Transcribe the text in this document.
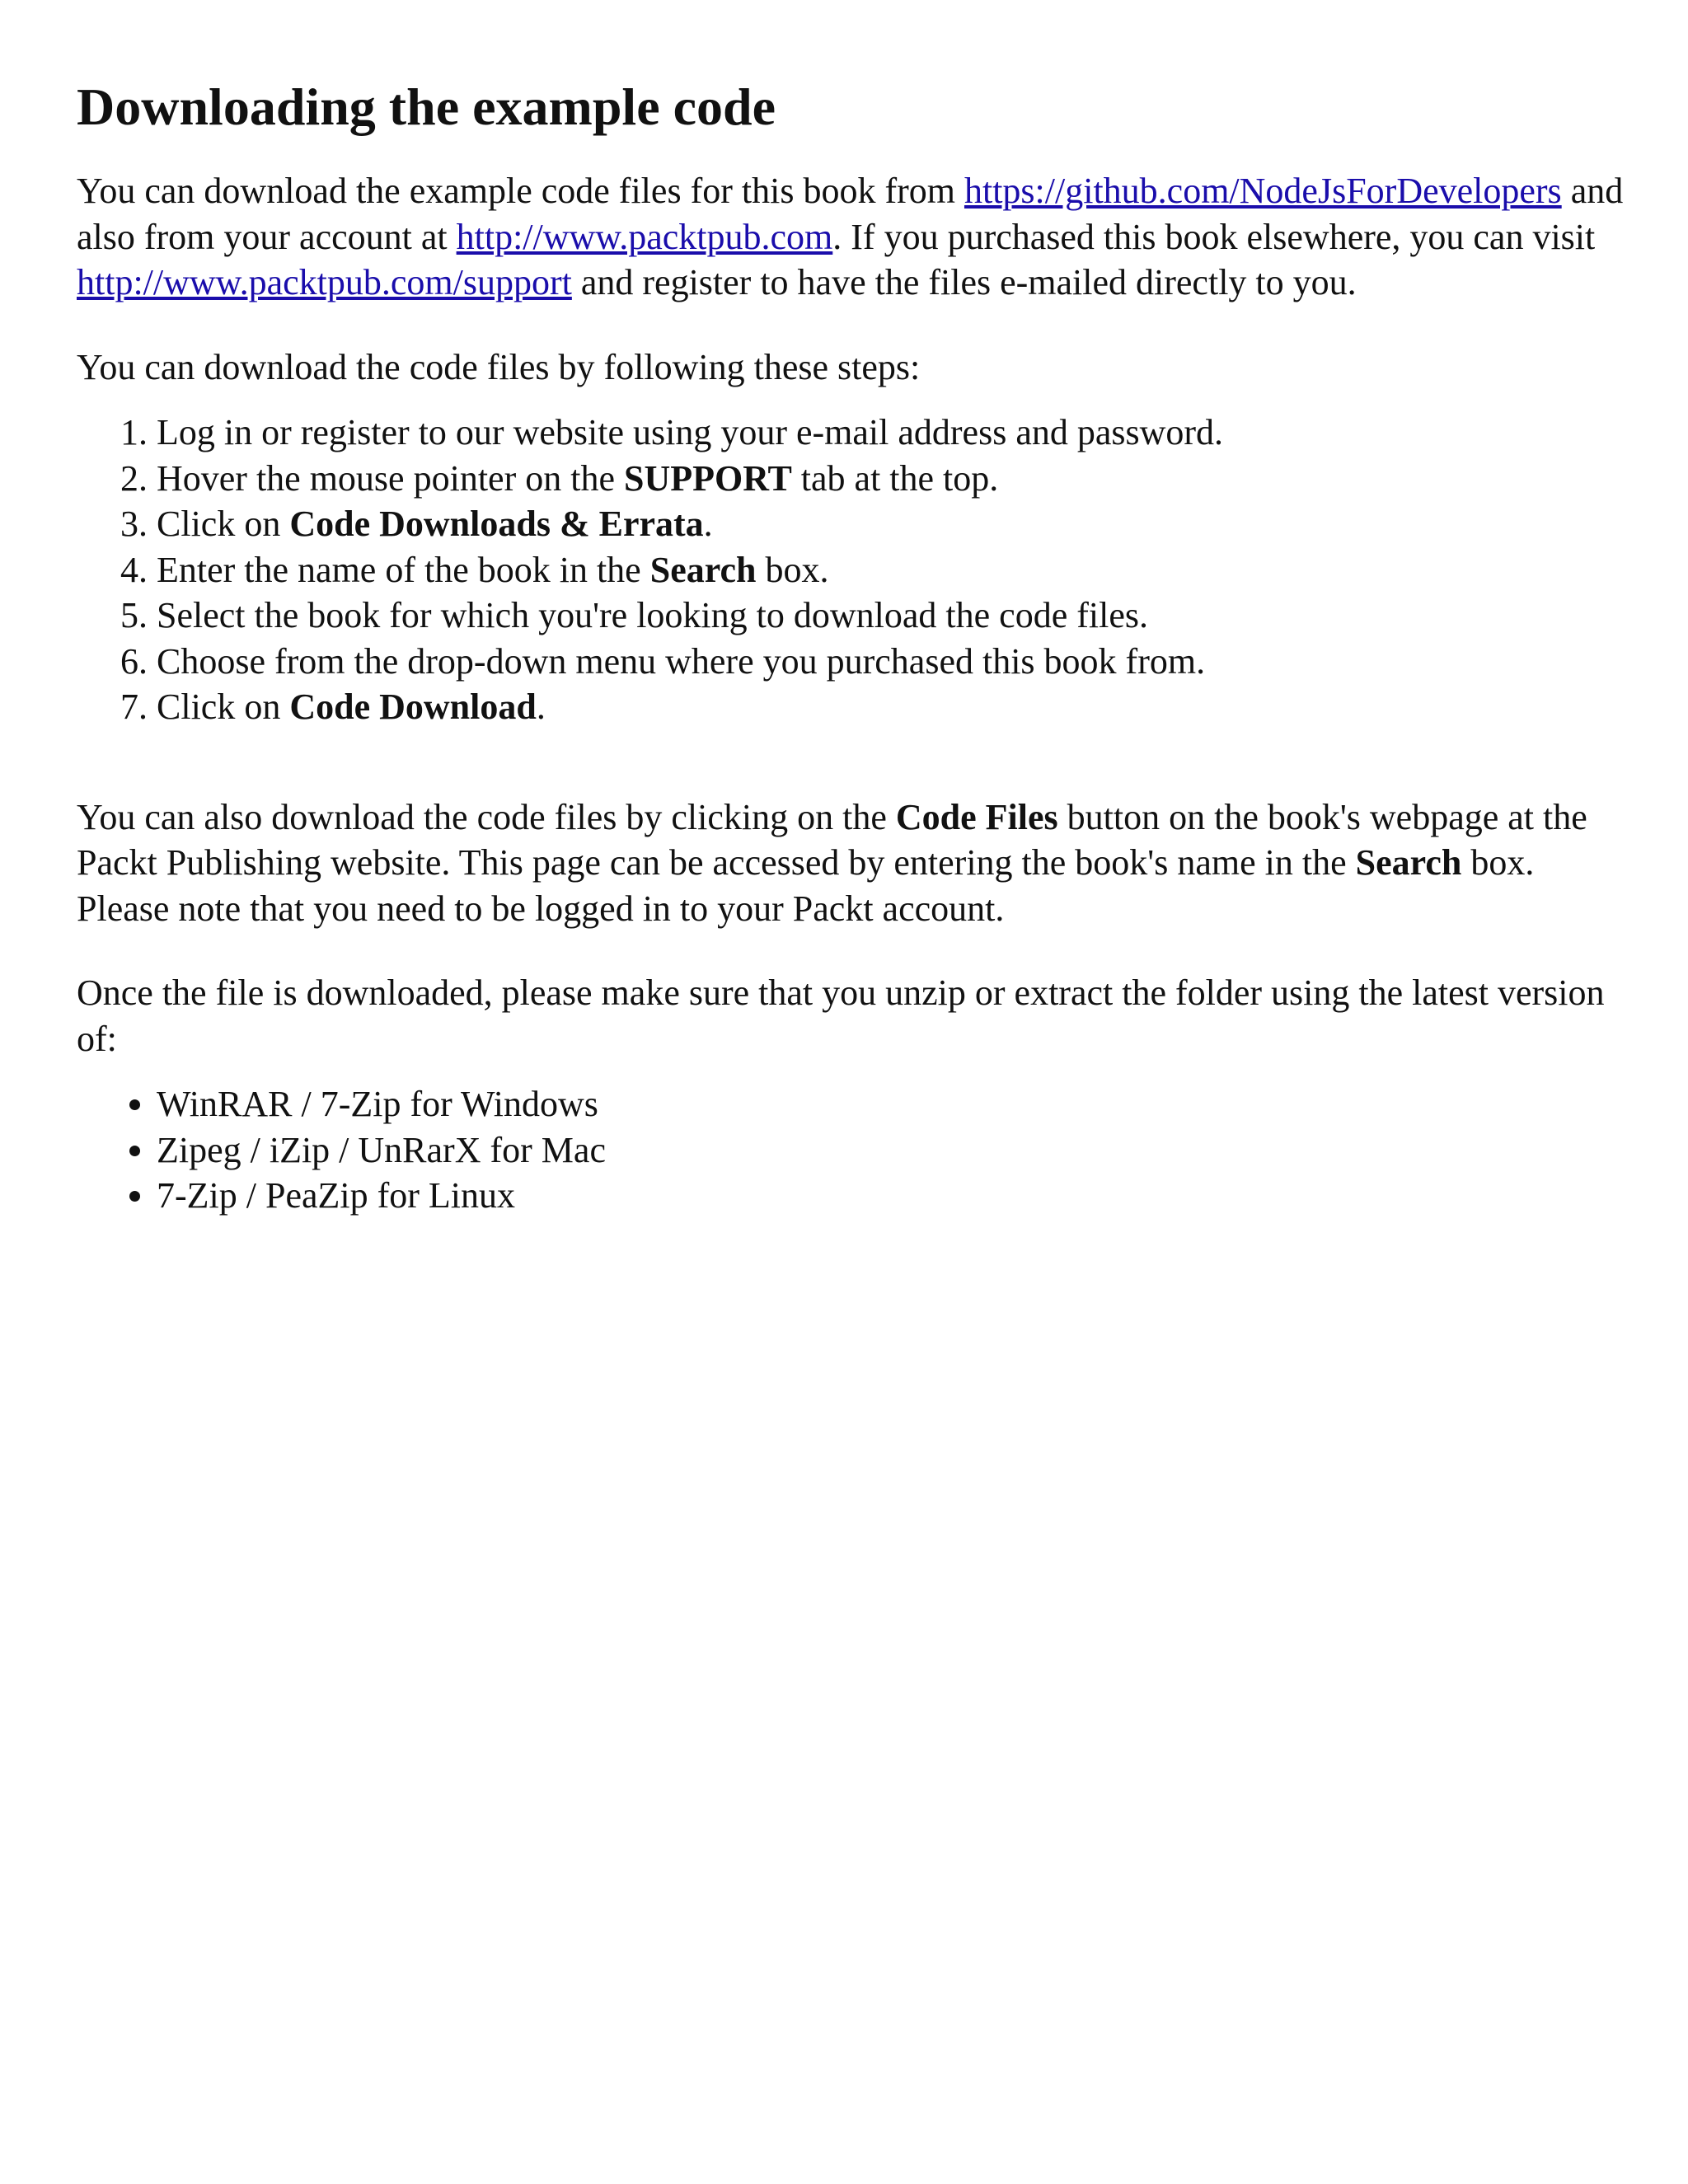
Downloading the example code

You can download the example code files for this book from https://github.com/NodeJsForDevelopers and also from your account at http://www.packtpub.com. If you purchased this book elsewhere, you can visit http://www.packtpub.com/support and register to have the files e-mailed directly to you.

You can download the code files by following these steps:

1. Log in or register to our website using your e-mail address and password.
2. Hover the mouse pointer on the SUPPORT tab at the top.
3. Click on Code Downloads & Errata.
4. Enter the name of the book in the Search box.
5. Select the book for which you're looking to download the code files.
6. Choose from the drop-down menu where you purchased this book from.
7. Click on Code Download.

You can also download the code files by clicking on the Code Files button on the book's webpage at the Packt Publishing website. This page can be accessed by entering the book's name in the Search box. Please note that you need to be logged in to your Packt account.

Once the file is downloaded, please make sure that you unzip or extract the folder using the latest version of:

• WinRAR / 7-Zip for Windows
• Zipeg / iZip / UnRarX for Mac
• 7-Zip / PeaZip for Linux
